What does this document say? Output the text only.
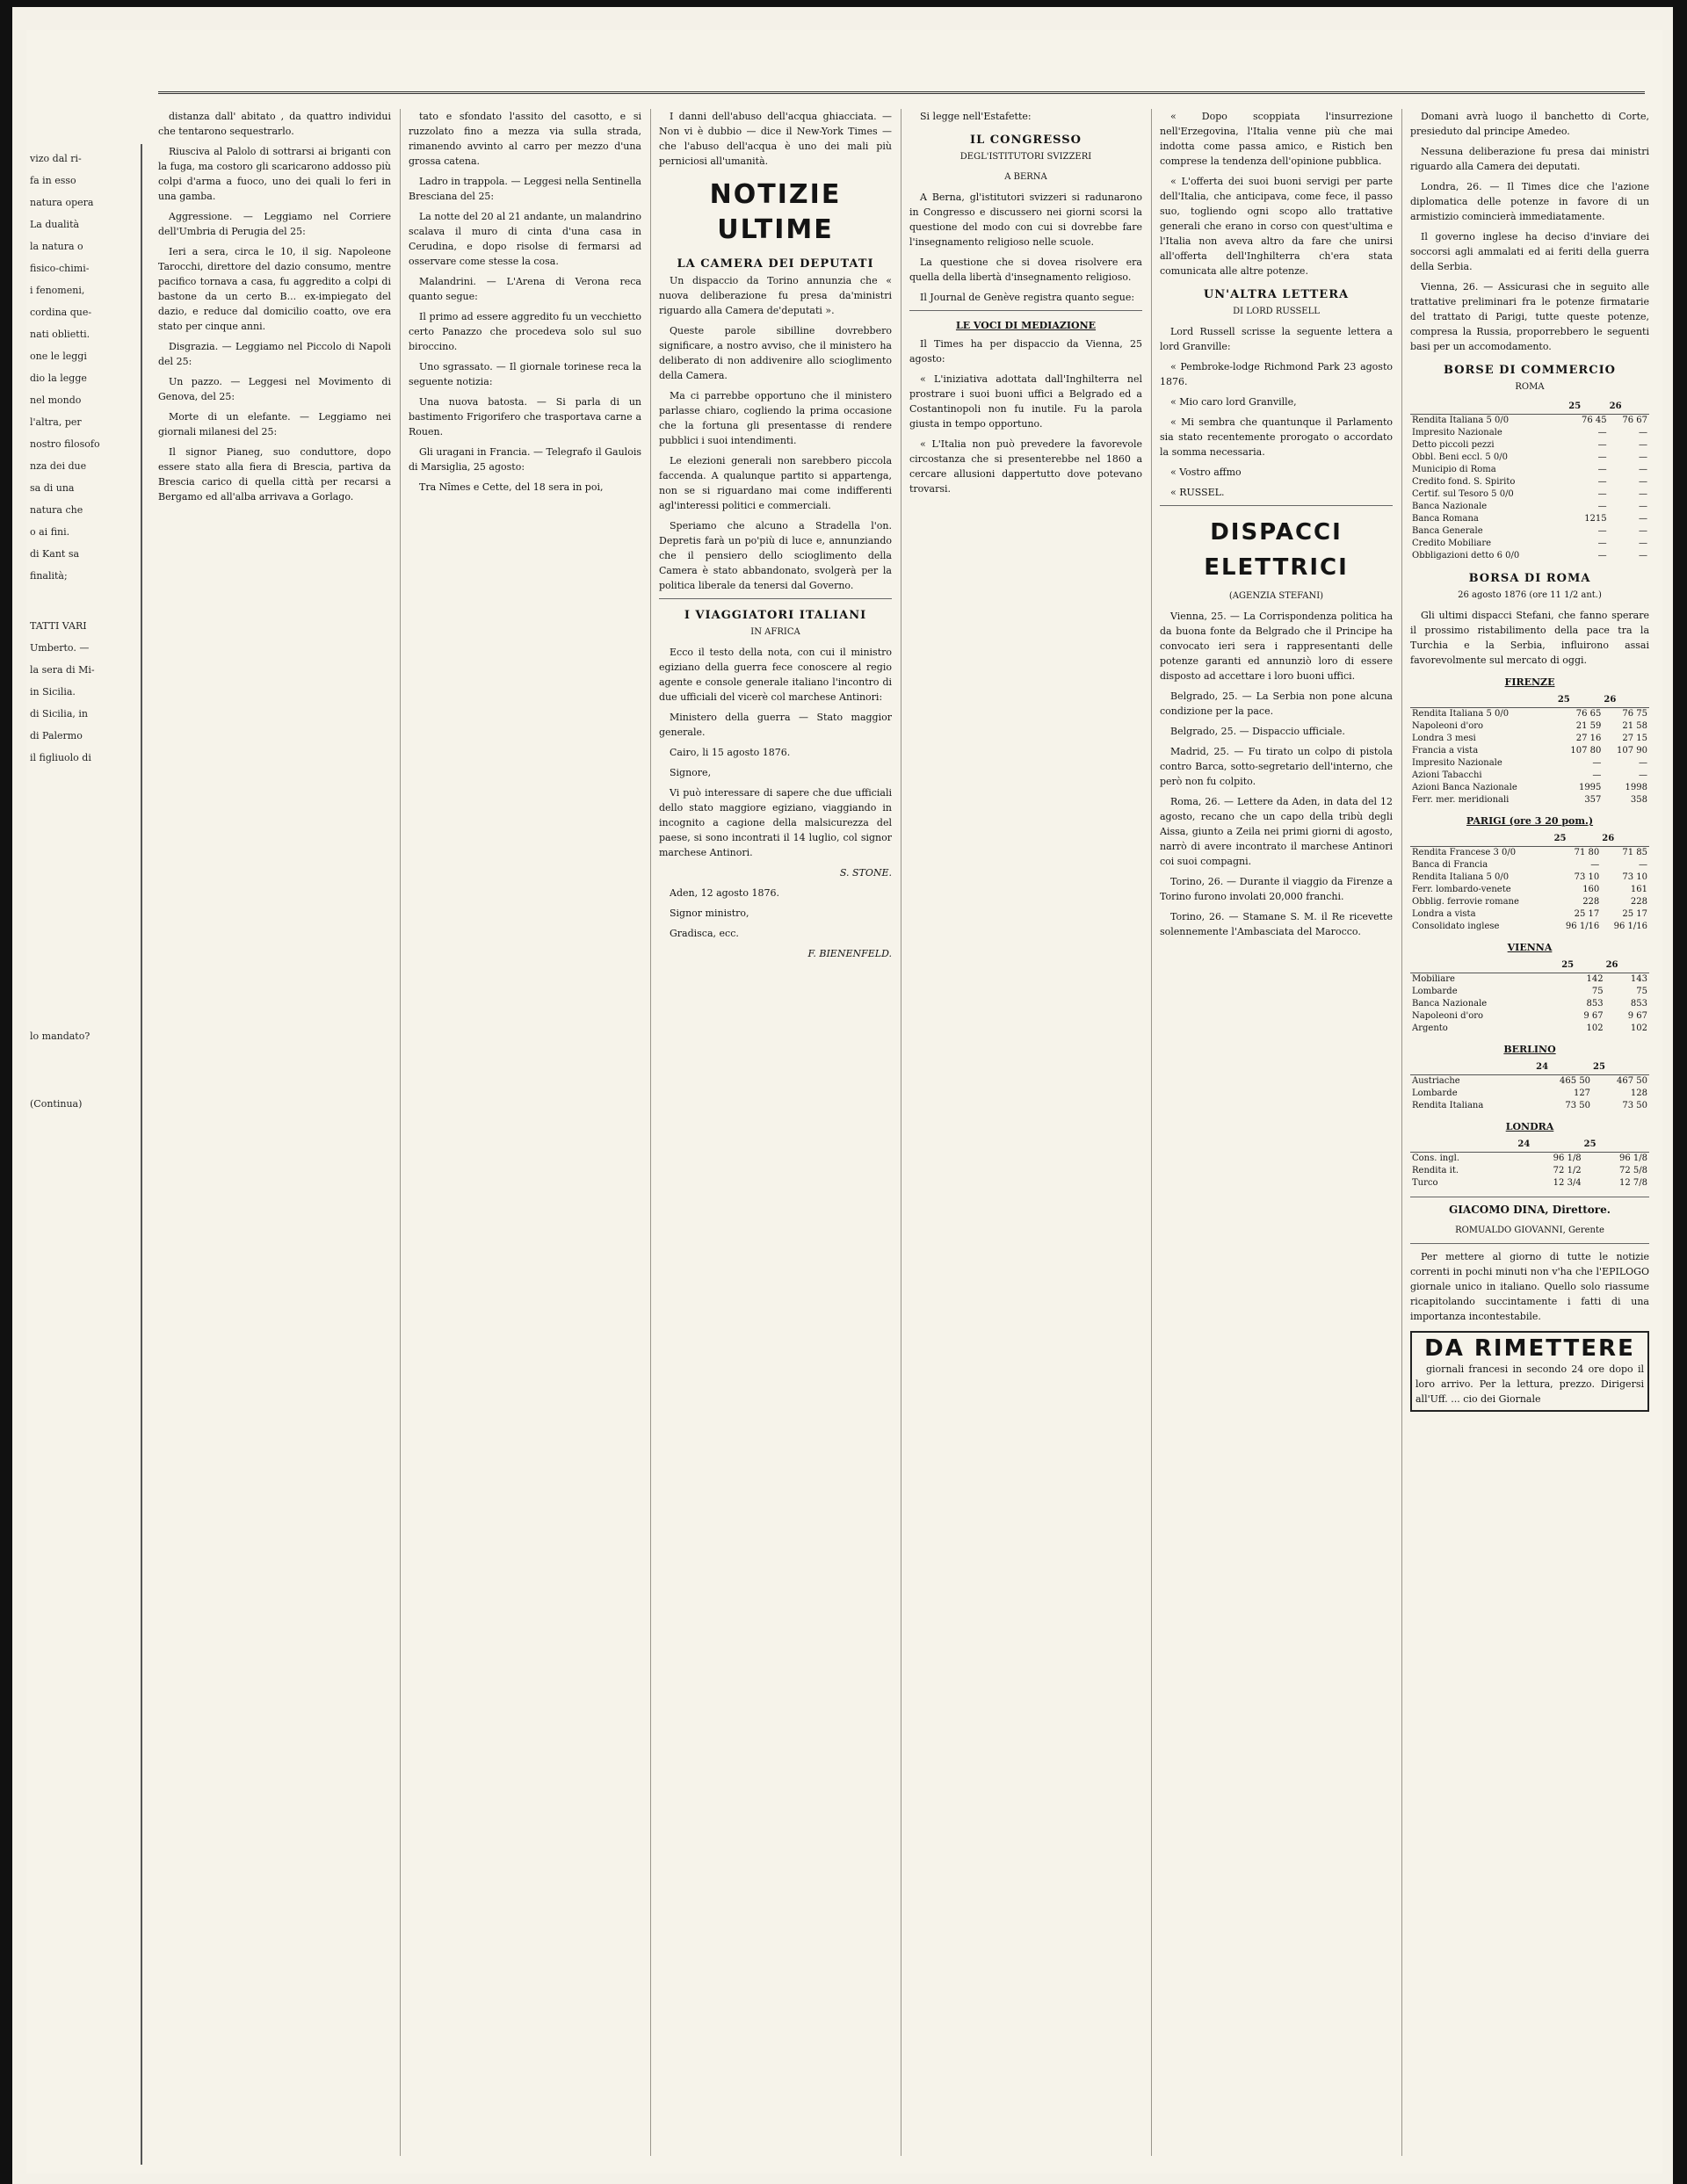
vizo dal ri-
fa in esso
natura opera
La dualità
la natura o
fisico-chimi-
i fenomeni,
cordina que-
nati oblietti.
one le leggi
dio la legge
nel mondo
l'altra, per
nostro filosofo
nza dei due
sa di una
natura che
o ai fini.
di Kant sa
finalità;
TATTI VARI
Umberto. —
la sera di Mi-
in Sicilia.
di Sicilia, in
di Palermo
il figliuolo di
lo mandato?
(Continua)

distanza dall' abitato , da quattro individui che tentarono sequestrarlo.

Riusciva al Palolo di sottrarsi ai briganti con la fuga, ma costoro gli scaricarono addosso più colpi d'arma a fuoco, uno dei quali lo feri in una gamba.

Aggressione. — Leggiamo nel Corriere dell'Umbria di Perugia del 25:

Ieri a sera, circa le 10, il sig. Napoleone Tarocchi, direttore del dazio consumo, mentre pacifico tornava a casa, fu aggredito a colpi di bastone da un certo B... ex-impiegato del dazio, e reduce dal domicilio coatto, ove era stato per cinque anni.

Disgrazia. — Leggiamo nel Piccolo di Napoli del 25:

Un pazzo. — Leggesi nel Movimento di Genova, del 25:

Morte di un elefante. — Leggiamo nei giornali milanesi del 25:

Il signor Pianeg, suo conduttore, dopo essere stato alla fiera di Brescia, partiva da Brescia carico di quella città per recarsi a Bergamo ed all'alba arrivava a Gorlago.

tato e sfondato l'assito del casotto, e si ruzzolato fino a mezza via sulla strada, rimanendo avvinto al carro per mezzo d'una grossa catena.

Ladro in trappola. — Leggesi nella Sentinella Bresciana del 25:

La notte del 20 al 21 andante, un malandrino scalava il muro di cinta d'una casa in Cerudina, e dopo risolse di fermarsi ad osservare come stesse la cosa.

Malandrini. — L'Arena di Verona reca quanto segue:

Il primo ad essere aggredito fu un vecchietto certo Panazzo che procedeva solo sul suo biroccino.

Uno sgrassato. — Il giornale torinese reca la seguente notizia:

Una nuova batosta. — Si parla di un bastimento Frigorifero che trasportava carne a Rouen.

Gli uragani in Francia. — Telegrafo il Gaulois di Marsiglia, 25 agosto:

Tra Nîmes e Cette, del 18 sera in poi,

I danni dell'abuso dell'acqua ghiacciata. — Non vi è dubbio — dice il New-York Times — che l'abuso dell'acqua è uno dei mali più perniciosi all'umanità.

NOTIZIE ULTIME
LA CAMERA DEI DEPUTATI

Un dispaccio da Torino annunzia che « nuova deliberazione fu presa da'ministri riguardo alla Camera de'deputati ».

Queste parole sibilline dovrebbero significare, a nostro avviso, che il ministero ha deliberato di non addivenire allo scioglimento della Camera.

Ma ci parrebbe opportuno che il ministero parlasse chiaro, cogliendo la prima occasione che la fortuna gli presentasse di rendere pubblici i suoi intendimenti.

Le elezioni generali non sarebbero piccola faccenda. A qualunque partito si appartenga, non se si riguardano mai come indifferenti agl'interessi politici e commerciali.

Speriamo che alcuno a Stradella l'on. Depretis farà un po'più di luce e, annunziando che il pensiero dello scioglimento della Camera è stato abbandonato, svolgerà per la politica liberale da tenersi dal Governo.

I VIAGGIATORI ITALIANI
IN AFRICA

Ecco il testo della nota, con cui il ministro egiziano della guerra fece conoscere al regio agente e console generale italiano l'incontro di due ufficiali del vicerè col marchese Antinori:

Ministero della guerra — Stato maggior generale.

Cairo, li 15 agosto 1876.

Signore,

Vi può interessare di sapere che due ufficiali dello stato maggiore egiziano, viaggiando in incognito a cagione della malsicurezza del paese, si sono incontrati il 14 luglio, col signor marchese Antinori.

S. STONE.

Aden, 12 agosto 1876.

Signor ministro,

Gradisca, ecc.

F. BIENENFELD.

Si legge nell'Estafette:

IL CONGRESSO
DEGL'ISTITUTORI SVIZZERI
A BERNA

A Berna, gl'istitutori svizzeri si radunarono in Congresso e discussero nei giorni scorsi la questione del modo con cui si dovrebbe fare l'insegnamento religioso nelle scuole.

La questione che si dovea risolvere era quella della libertà d'insegnamento religioso.

Il Journal de Genève registra quanto segue:

LE VOCI DI MEDIAZIONE

Il Times ha per dispaccio da Vienna, 25 agosto:

« L'iniziativa adottata dall'Inghilterra nel prostrare i suoi buoni uffici a Belgrado ed a Costantinopoli non fu inutile. Fu la parola giusta in tempo opportuno.

« L'Italia non può prevedere la favorevole circostanza che si presenterebbe nel 1860 a cercare allusioni dappertutto dove potevano trovarsi.

« Dopo scoppiata l'insurrezione nell'Erzegovina, l'Italia venne più che mai indotta come passa amico, e Ristich ben comprese la tendenza dell'opinione pubblica.

« L'offerta dei suoi buoni servigi per parte dell'Italia, che anticipava, come fece, il passo suo, togliendo ogni scopo allo trattative generali che erano in corso con quest'ultima e l'Italia non aveva altro da fare che unirsi all'offerta dell'Inghilterra ch'era stata comunicata alle altre potenze.

UN'ALTRA LETTERA
DI LORD RUSSELL

Lord Russell scrisse la seguente lettera a lord Granville:

« Pembroke-lodge Richmond Park 23 agosto 1876.

« Mio caro lord Granville,

« Mi sembra che quantunque il Parlamento sia stato recentemente prorogato o accordato la somma necessaria.

« Vostro affmo

« RUSSEL.

DISPACCI ELETTRICI
(AGENZIA STEFANI)

Vienna, 25. — La Corrispondenza politica ha da buona fonte da Belgrado che il Principe ha convocato ieri sera i rappresentanti delle potenze garanti ed annunziò loro di essere disposto ad accettare i loro buoni uffici.

Belgrado, 25. — La Serbia non pone alcuna condizione per la pace.

Belgrado, 25. — Dispaccio ufficiale.

Madrid, 25. — Fu tirato un colpo di pistola contro Barca, sotto-segretario dell'interno, che però non fu colpito.

Roma, 26. — Lettere da Aden, in data del 12 agosto, recano che un capo della tribù degli Aissa, giunto a Zeila nei primi giorni di agosto, narrò di avere incontrato il marchese Antinori coi suoi compagni.

Torino, 26. — Durante il viaggio da Firenze a Torino furono involati 20,000 franchi.

Torino, 26. — Stamane S. M. il Re ricevette solennemente l'Ambasciata del Marocco.

Domani avrà luogo il banchetto di Corte, presieduto dal principe Amedeo.

Nessuna deliberazione fu presa dai ministri riguardo alla Camera dei deputati.

Londra, 26. — Il Times dice che l'azione diplomatica delle potenze in favore di un armistizio comincierà immediatamente.

Il governo inglese ha deciso d'inviare dei soccorsi agli ammalati ed ai feriti della guerra della Serbia.

Vienna, 26. — Assicurasi che in seguito alle trattative preliminari fra le potenze firmatarie del trattato di Parigi, tutte queste potenze, compresa la Russia, proporrebbero le seguenti basi per un accomodamento.

BORSE DI COMMERCIO
ROMA
	25	26
Rendita Italiana 5 0/0	76 45	76 67
Impresito Nazionale	—	—
Detto piccoli pezzi	—	—
Obbl. Beni eccl. 5 0/0	—	—
Municipio di Roma	—	—
Credito fond. S. Spirito	—	—
Certif. sul Tesoro 5 0/0	—	—
Banca Nazionale	—	—
Banca Romana	1215	—
Banca Generale	—	—
Credito Mobiliare	—	—
Obbligazioni detto 6 0/0	—	—
BORSA DI ROMA
26 agosto 1876 (ore 11 1/2 ant.)

Gli ultimi dispacci Stefani, che fanno sperare il prossimo ristabilimento della pace tra la Turchia e la Serbia, influirono assai favorevolmente sul mercato di oggi.

FIRENZE
	25	26
Rendita Italiana 5 0/0	76 65	76 75
Napoleoni d'oro	21 59	21 58
Londra 3 mesi	27 16	27 15
Francia a vista	107 80	107 90
Impresito Nazionale	—	—
Azioni Tabacchi	—	—
Azioni Banca Nazionale	1995	1998
Ferr. mer. meridionali	357	358
PARIGI (ore 3 20 pom.)
	25	26
Rendita Francese 3 0/0	71 80	71 85
Banca di Francia	—	—
Rendita Italiana 5 0/0	73 10	73 10
Ferr. lombardo-venete	160	161
Obblig. ferrovie romane	228	228
Londra a vista	25 17	25 17
Consolidato inglese	96 1/16	96 1/16
VIENNA
	25	26
Mobiliare	142	143
Lombarde	75	75
Banca Nazionale	853	853
Napoleoni d'oro	9 67	9 67
Argento	102	102
BERLINO
	24	25
Austriache	465 50	467 50
Lombarde	127	128
Rendita Italiana	73 50	73 50
LONDRA
	24	25
Cons. ingl.	96 1/8	96 1/8
Rendita it.	72 1/2	72 5/8
Turco	12 3/4	12 7/8
GIACOMO DINA, Direttore.
ROMUALDO GIOVANNI, Gerente

Per mettere al giorno di tutte le notizie correnti in pochi minuti non v'ha che l'EPILOGO giornale unico in italiano. Quello solo riassume ricapitolando succintamente i fatti di una importanza incontestabile.

DA RIMETTERE

giornali francesi in secondo 24 ore dopo il loro arrivo. Per la lettura, prezzo. Dirigersi all'Uff. ... cio dei Giornale
